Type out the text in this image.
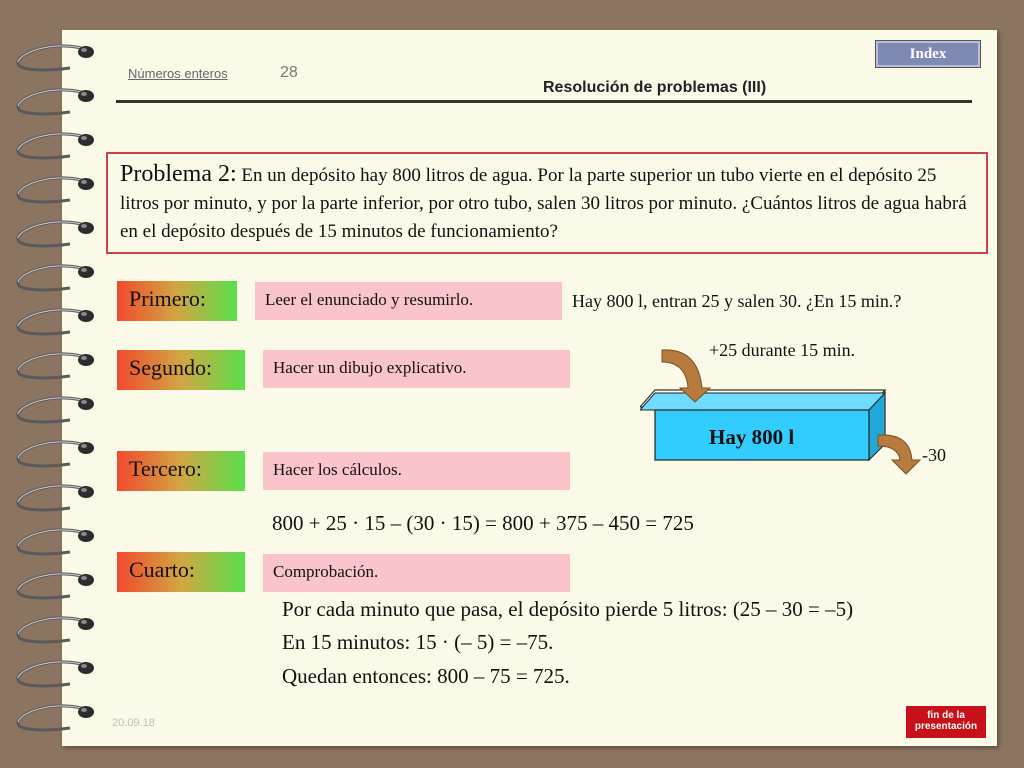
Números enteros	28
Resolución de problemas (III)
Index
Problema 2: En un depósito hay 800 litros de agua. Por la parte superior un tubo vierte en el depósito 25 litros por minuto, y por la parte inferior, por otro tubo, salen 30 litros por minuto. ¿Cuántos litros de agua habrá en el depósito después de 15 minutos de funcionamiento?
Primero:	Leer el enunciado y resumirlo.	Hay 800 l, entran 25 y salen 30. ¿En 15 min.?
Segundo:	Hacer un dibujo explicativo.
Tercero:	Hacer los cálculos.
800 + 25 · 15 – (30 · 15) = 800 + 375 – 450 = 725
Cuarto:	Comprobación.
Por cada minuto que pasa, el depósito pierde 5 litros: (25 – 30 = –5)
En 15 minutos: 15 · (– 5) = –75.
Quedan entonces: 800 – 75 = 725.
+25 durante 15 min.
-30
Hay 800 l
20.09.18
fin de la
presentación
